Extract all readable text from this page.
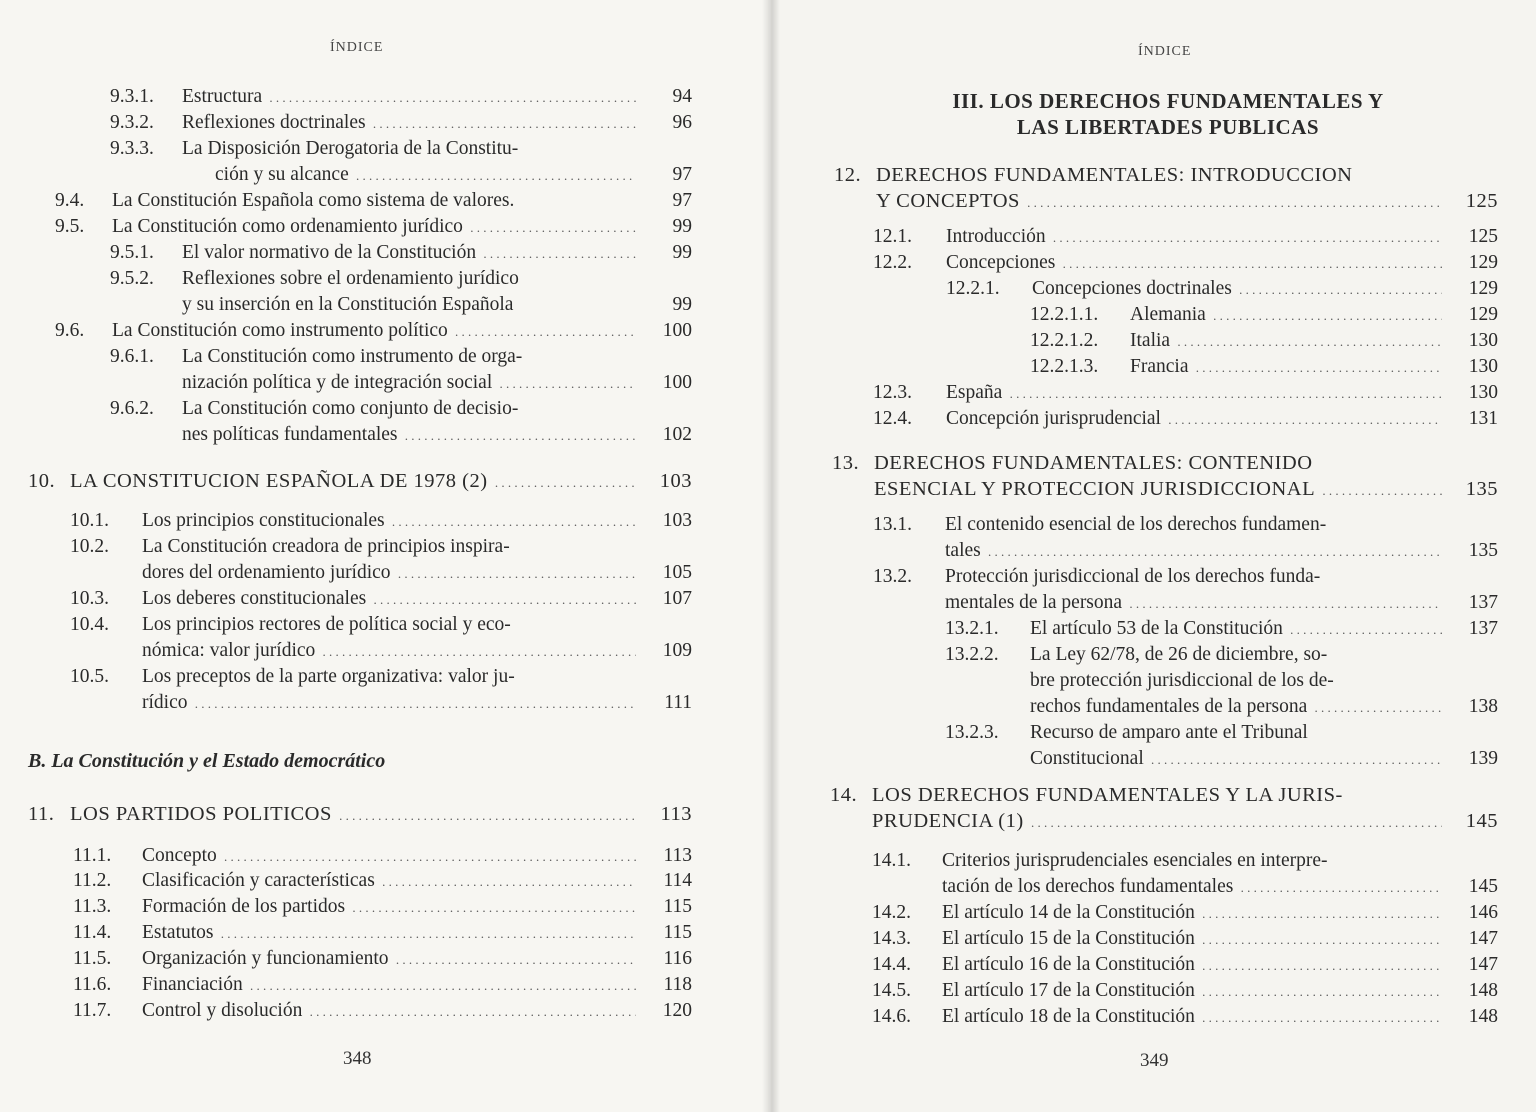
ÍNDICE
9.3.1. Estructura . . .	94
9.3.2. Reflexiones doctrinales . . .	96
9.3.3. La Disposición Derogatoria de la Constitu-
ción y su alcance . . .	97
9.4. La Constitución Española como sistema de valores.	97
9.5. La Constitución como ordenamiento jurídico . . .	99
9.5.1. El valor normativo de la Constitución . . .	99
9.5.2. Reflexiones sobre el ordenamiento jurídico
y su inserción en la Constitución Española	99
9.6. La Constitución como instrumento político . . .	100
9.6.1. La Constitución como instrumento de orga-
nización política y de integración social . . .	100
9.6.2. La Constitución como conjunto de decisio-
nes políticas fundamentales . . .	102
10. LA CONSTITUCION ESPAÑOLA DE 1978 (2) . . .	103
10.1. Los principios constitucionales . . .	103
10.2. La Constitución creadora de principios inspira-
dores del ordenamiento jurídico . . .	105
10.3. Los deberes constitucionales . . .	107
10.4. Los principios rectores de política social y eco-
nómica: valor jurídico . . .	109
10.5. Los preceptos de la parte organizativa: valor ju-
rídico . . .	111
11. LOS PARTIDOS POLITICOS . . .	113
11.1. Concepto . . .	113
11.2. Clasificación y características . . .	114
11.3. Formación de los partidos . . .	115
11.4. Estatutos . . .	115
11.5. Organización y funcionamiento . . .	116
11.6. Financiación . . .	118
11.7. Control y disolución . . .	120
B. La Constitución y el Estado democrático
348
ÍNDICE
III. LOS DERECHOS FUNDAMENTALES Y
LAS LIBERTADES PUBLICAS
12. DERECHOS FUNDAMENTALES: INTRODUCCION
Y CONCEPTOS . . .	125
12.1. Introducción . . .	125
12.2. Concepciones . . .	129
12.2.1. Concepciones doctrinales . . .	129
12.2.1.1. Alemania . . .	129
12.2.1.2. Italia . . .	130
12.2.1.3. Francia . . .	130
12.3. España . . .	130
12.4. Concepción jurisprudencial . . .	131
13. DERECHOS FUNDAMENTALES: CONTENIDO
ESENCIAL Y PROTECCION JURISDICCIONAL . . .	135
13.1. El contenido esencial de los derechos fundamen-
tales . . .	135
13.2. Protección jurisdiccional de los derechos funda-
mentales de la persona . . .	137
13.2.1. El artículo 53 de la Constitución . . .	137
13.2.2. La Ley 62/78, de 26 de diciembre, so-
bre protección jurisdiccional de los de-
rechos fundamentales de la persona . . .	138
13.2.3. Recurso de amparo ante el Tribunal
Constitucional . . .	139
14. LOS DERECHOS FUNDAMENTALES Y LA JURIS-
PRUDENCIA (1) . . .	145
14.1. Criterios jurisprudenciales esenciales en interpre-
tación de los derechos fundamentales . . .	145
14.2. El artículo 14 de la Constitución . . .	146
14.3. El artículo 15 de la Constitución . . .	147
14.4. El artículo 16 de la Constitución . . .	147
14.5. El artículo 17 de la Constitución . . .	148
14.6. El artículo 18 de la Constitución . . .	148
349
